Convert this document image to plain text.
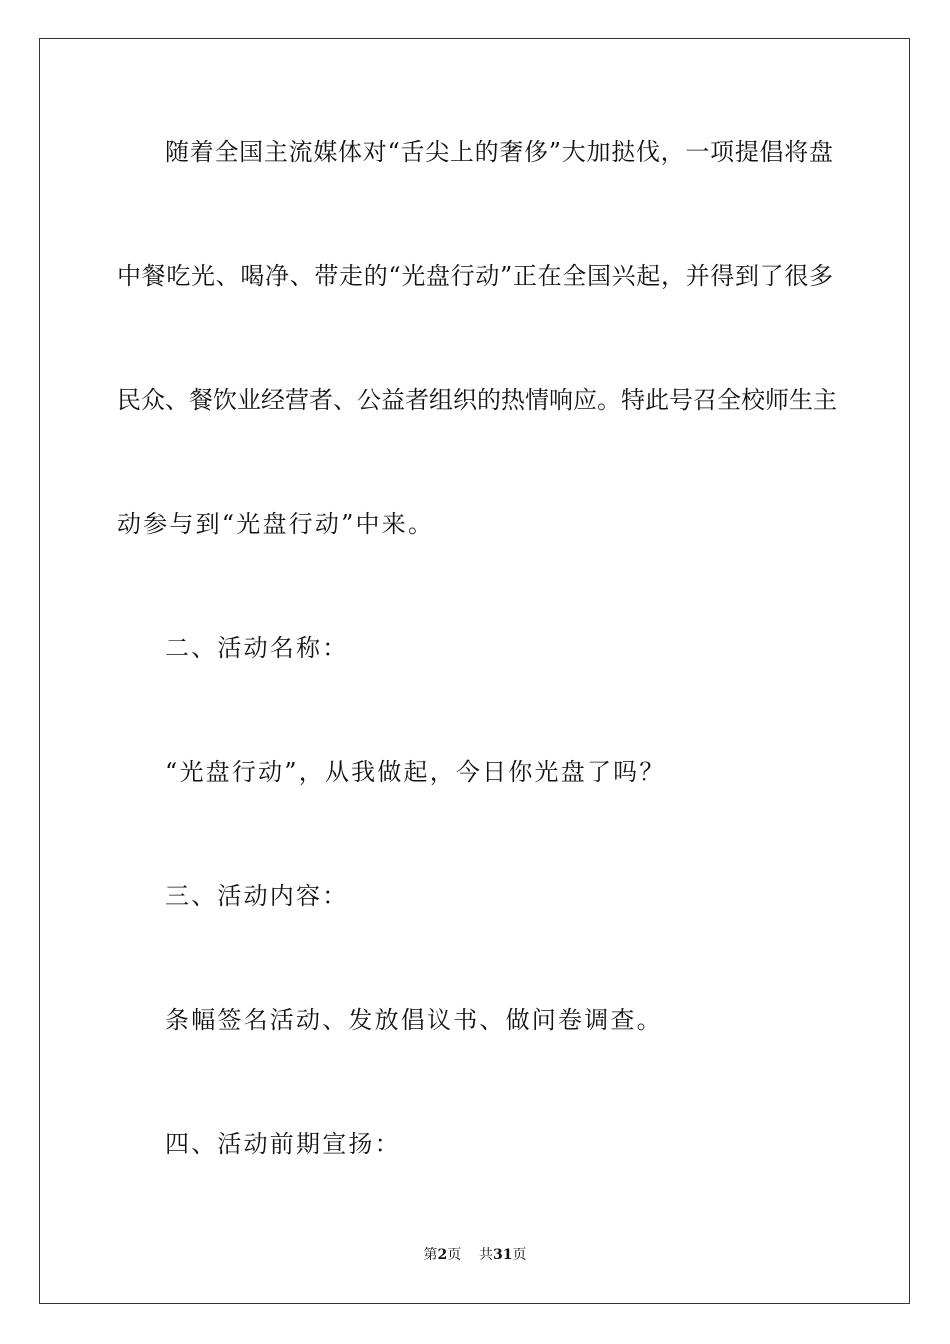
随着全国主流媒体对“舌尖上的奢侈”大加挞伐，一项提倡将盘
中餐吃光、喝净、带走的“光盘行动”正在全国兴起，并得到了很多
民众、餐饮业经营者、公益者组织的热情响应。特此号召全校师生主
动参与到“光盘行动”中来。
二、活动名称：
“光盘行动”，从我做起，今日你光盘了吗？
三、活动内容：
条幅签名活动、发放倡议书、做问卷调查。
四、活动前期宣扬：
第2页 共31页
